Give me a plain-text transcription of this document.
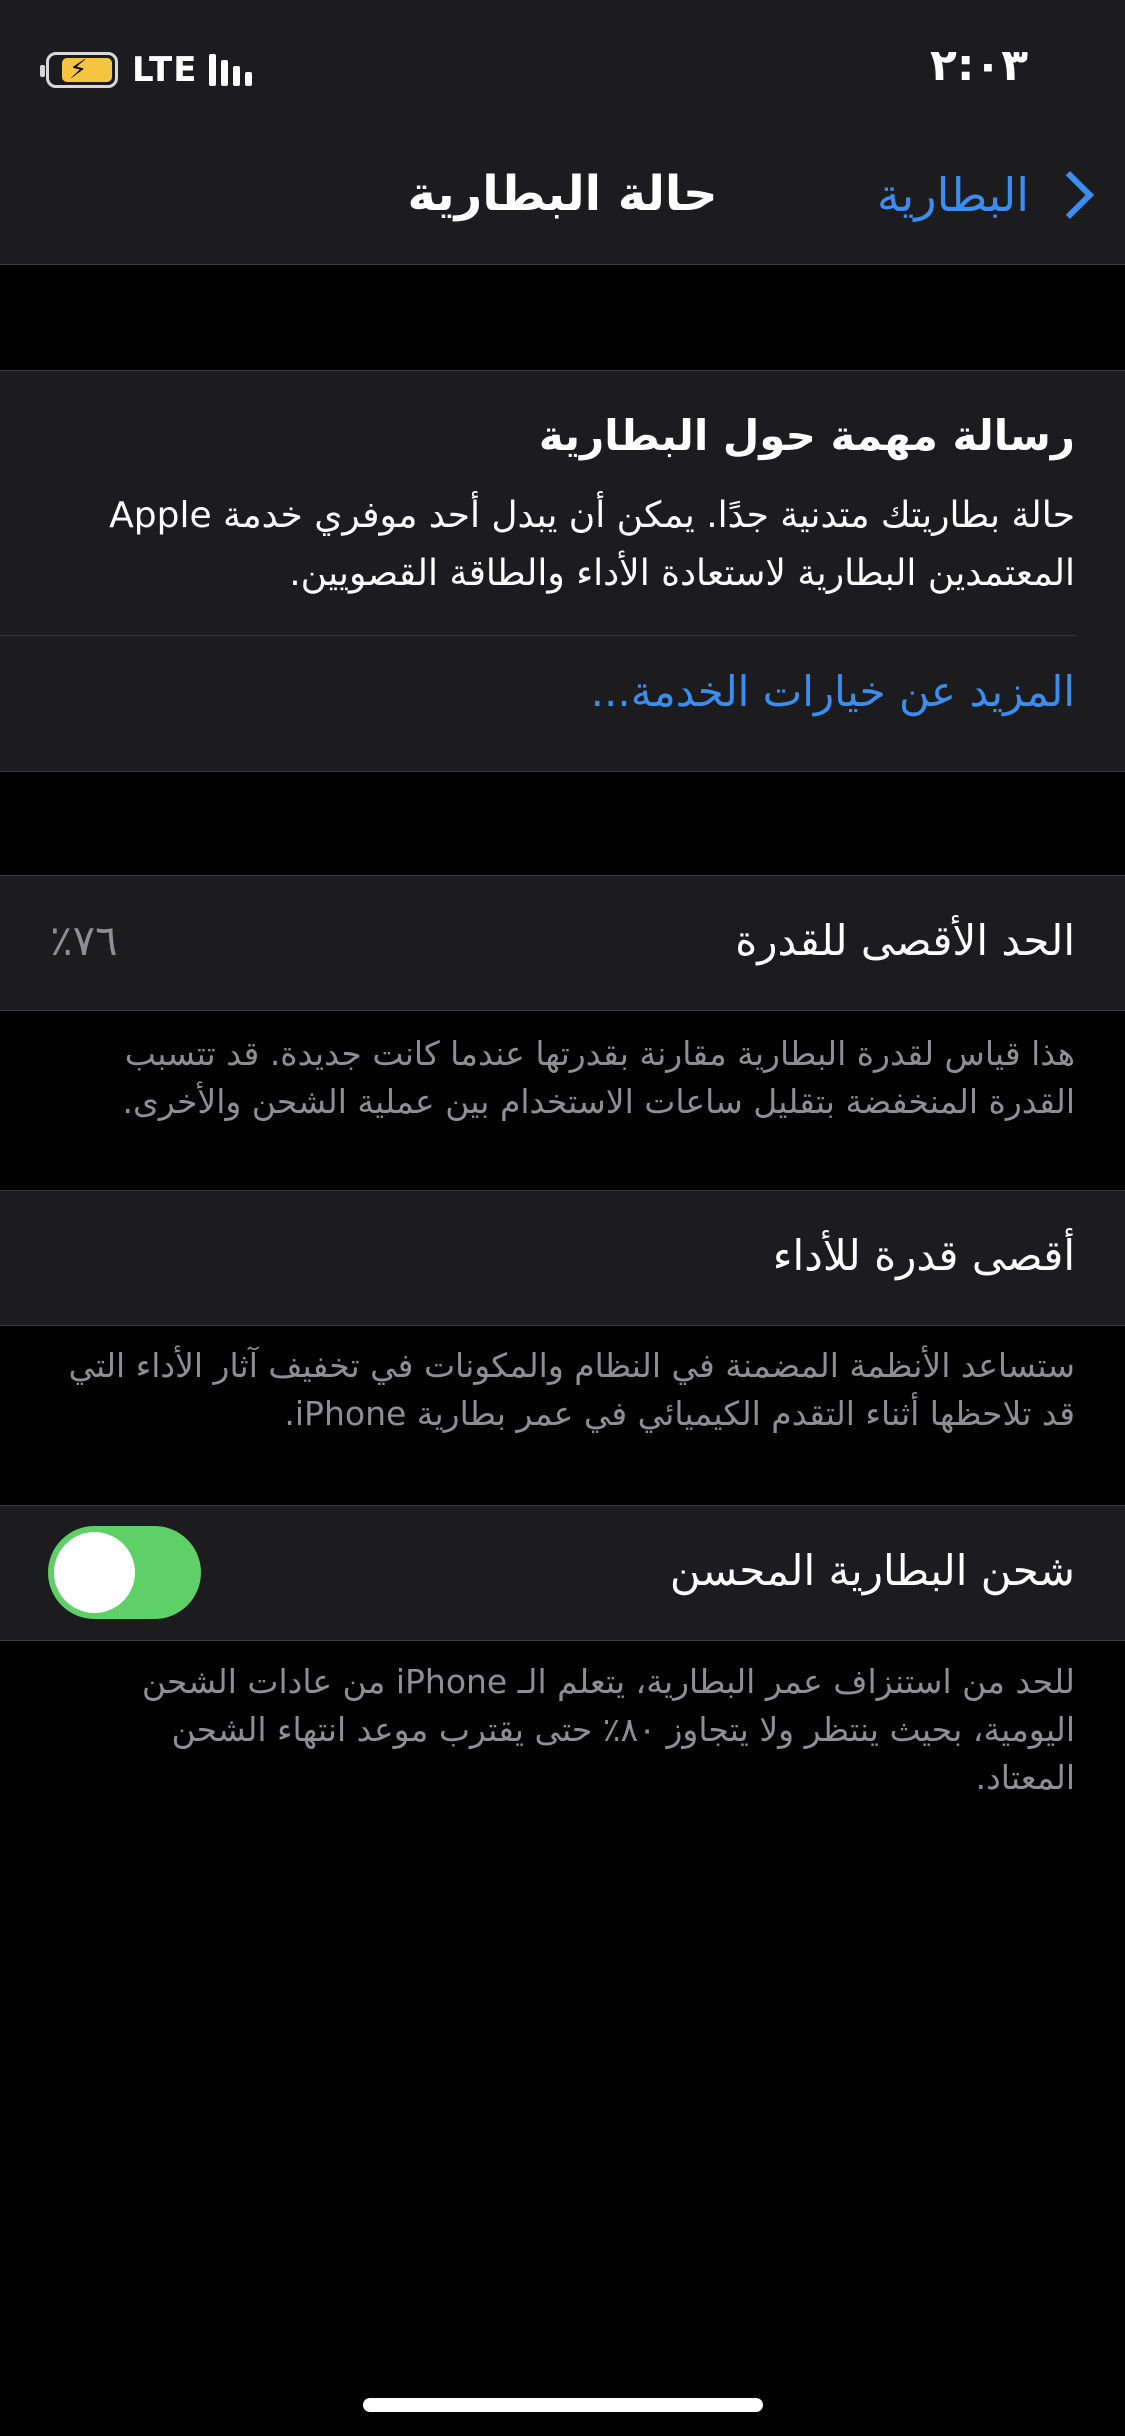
⚡ LTE	٢:٠٣
حالة البطارية	البطارية
رسالة مهمة حول البطارية
حالة بطاريتك متدنية جدًا. يمكن أن يبدل أحد موفري خدمة Apple المعتمدين البطارية لاستعادة الأداء والطاقة القصويين.
المزيد عن خيارات الخدمة...
الحد الأقصى للقدرة
٧٦٪
هذا قياس لقدرة البطارية مقارنة بقدرتها عندما كانت جديدة. قد تتسبب القدرة المنخفضة بتقليل ساعات الاستخدام بين عملية الشحن والأخرى.
أقصى قدرة للأداء
ستساعد الأنظمة المضمنة في النظام والمكونات في تخفيف آثار الأداء التي قد تلاحظها أثناء التقدم الكيميائي في عمر بطارية iPhone.
شحن البطارية المحسن
للحد من استنزاف عمر البطارية، يتعلم الـ iPhone من عادات الشحن اليومية، بحيث ينتظر ولا يتجاوز ٨٠٪ حتى يقترب موعد انتهاء الشحن المعتاد.
